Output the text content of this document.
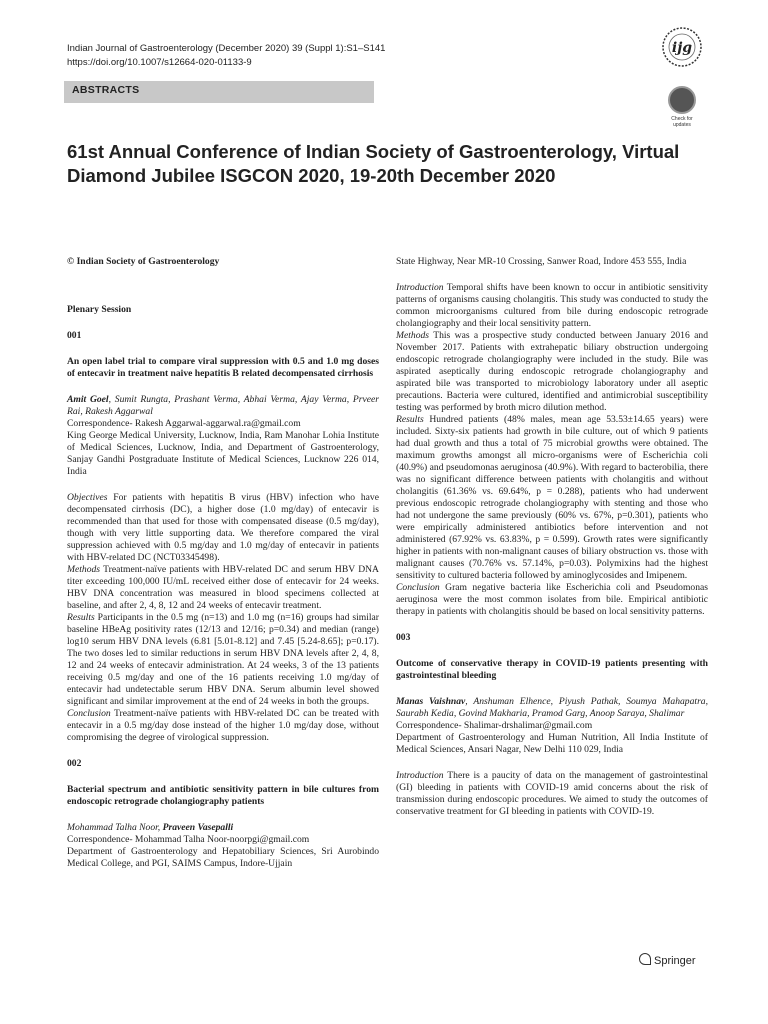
Indian Journal of Gastroenterology (December 2020) 39 (Suppl 1):S1–S141
https://doi.org/10.1007/s12664-020-01133-9
ABSTRACTS
ijg
Check for
updates
61st Annual Conference of Indian Society of Gastroenterology, Virtual Diamond Jubilee ISGCON 2020, 19-20th December 2020

© Indian Society of Gastroenterology

Plenary Session

001

An open label trial to compare viral suppression with 0.5 and 1.0 mg doses of entecavir in treatment naive hepatitis B related decompensated cirrhosis

Amit Goel, Sumit Rungta, Prashant Verma, Abhai Verma, Ajay Verma, Prveer Rai, Rakesh Aggarwal

Correspondence- Rakesh Aggarwal-aggarwal.ra@gmail.com

King George Medical University, Lucknow, India, Ram Manohar Lohia Institute of Medical Sciences, Lucknow, India, and Department of Gastroenterology, Sanjay Gandhi Postgraduate Institute of Medical Sciences, Lucknow 226 014, India

Objectives For patients with hepatitis B virus (HBV) infection who have decompensated cirrhosis (DC), a higher dose (1.0 mg/day) of entecavir is recommended than that used for those with compensated disease (0.5 mg/day), though with very little supporting data. We therefore compared the viral suppression achieved with 0.5 mg/day and 1.0 mg/day of entecavir in patients with HBV-related DC (NCT03345498).

Methods Treatment-naïve patients with HBV-related DC and serum HBV DNA titer exceeding 100,000 IU/mL received either dose of entecavir for 24 weeks. HBV DNA concentration was measured in blood specimens collected at baseline, and after 2, 4, 8, 12 and 24 weeks of entecavir treatment.

Results Participants in the 0.5 mg (n=13) and 1.0 mg (n=16) groups had similar baseline HBeAg positivity rates (12/13 and 12/16; p=0.34) and median (range) log10 serum HBV DNA levels (6.81 [5.01-8.12] and 7.45 [5.24-8.65]; p=0.17). The two doses led to similar reductions in serum HBV DNA levels after 2, 4, 8, 12 and 24 weeks of entecavir administration. At 24 weeks, 3 of the 13 patients receiving 0.5 mg/day and one of the 16 patients receiving 1.0 mg/day of entecavir had undetectable serum HBV DNA. Serum albumin level showed significant and similar improvement at the end of 24 weeks in both the groups.

Conclusion Treatment-naïve patients with HBV-related DC can be treated with entecavir in a 0.5 mg/day dose instead of the higher 1.0 mg/day dose, without compromising the degree of virological suppression.

002

Bacterial spectrum and antibiotic sensitivity pattern in bile cultures from endoscopic retrograde cholangiography patients

Mohammad Talha Noor, Praveen Vasepalli

Correspondence- Mohammad Talha Noor-noorpgi@gmail.com

Department of Gastroenterology and Hepatobiliary Sciences, Sri Aurobindo Medical College, and PGI, SAIMS Campus, Indore-Ujjain

State Highway, Near MR-10 Crossing, Sanwer Road, Indore 453 555, India

Introduction Temporal shifts have been known to occur in antibiotic sensitivity patterns of organisms causing cholangitis. This study was conducted to study the common microorganisms cultured from bile during endoscopic retrograde cholangiography and their local sensitivity pattern.

Methods This was a prospective study conducted between January 2016 and November 2017. Patients with extrahepatic biliary obstruction undergoing endoscopic retrograde cholangiography were included in the study. Bile was aspirated aseptically during endoscopic retrograde cholangiography and aspirated bile was transported to microbiology laboratory under all aseptic precautions. Bacteria were cultured, identified and antimicrobial susceptibility testing was performed by broth micro dilution method.

Results Hundred patients (48% males, mean age 53.53±14.65 years) were included. Sixty-six patients had growth in bile culture, out of which 9 patients had dual growth and thus a total of 75 microbial growths were obtained. The maximum growths amongst all micro-organisms were of Escherichia coli (40.9%) and pseudomonas aeruginosa (40.9%). With regard to bacterobilia, there was no significant difference between patients with cholangitis and without cholangitis (61.36% vs. 69.64%, p = 0.288), patients who had underwent previous endoscopic retrograde cholangiography with stenting and those who had not undergone the same previously (60% vs. 67%, p=0.301), patients who were empirically administered antibiotics before intervention and not administered (67.92% vs. 63.83%, p = 0.599). Growth rates were significantly higher in patients with non-malignant causes of biliary obstruction vs. those with malignant causes (70.76% vs. 57.14%, p=0.03). Polymixins had the highest sensitivity to cultured bacteria followed by aminoglycosides and Imipenem.

Conclusion Gram negative bacteria like Escherichia coli and Pseudomonas aeruginosa were the most common isolates from bile. Empirical antibiotic therapy in patients with cholangitis should be based on local sensitivity patterns.

003

Outcome of conservative therapy in COVID-19 patients presenting with gastrointestinal bleeding

Manas Vaishnav, Anshuman Elhence, Piyush Pathak, Soumya Mahapatra, Saurabh Kedia, Govind Makharia, Pramod Garg, Anoop Saraya, Shalimar

Correspondence- Shalimar-drshalimar@gmail.com

Department of Gastroenterology and Human Nutrition, All India Institute of Medical Sciences, Ansari Nagar, New Delhi 110 029, India

Introduction There is a paucity of data on the management of gastrointestinal (GI) bleeding in patients with COVID-19 amid concerns about the risk of transmission during endoscopic procedures. We aimed to study the outcomes of conservative treatment for GI bleeding in patients with COVID-19.

Springer
